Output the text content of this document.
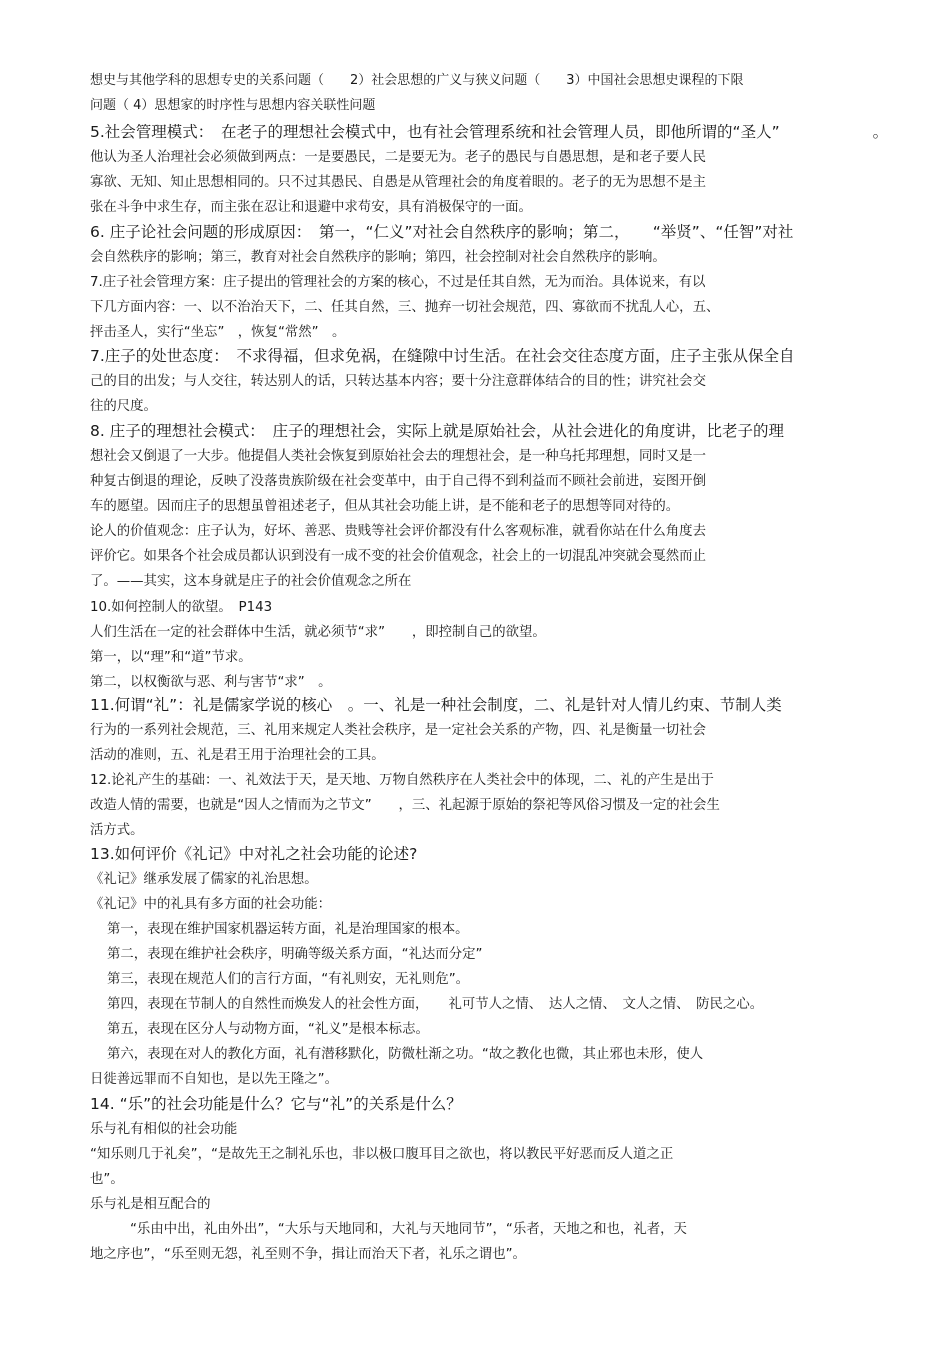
想史与其他学科的思想专史的关系问题（　　2）社会思想的广义与狭义问题（　　3）中国社会思想史课程的下限
问题（ 4）思想家的时序性与思想内容关联性问题
5.社会管理模式：　在老子的理想社会模式中，也有社会管理系统和社会管理人员，即他所谓的“圣人”　　　　　　。
他认为圣人治理社会必须做到两点：一是要愚民，二是要无为。老子的愚民与自愚思想，是和老子要人民
寡欲、无知、知止思想相同的。只不过其愚民、自愚是从管理社会的角度着眼的。老子的无为思想不是主
张在斗争中求生存，而主张在忍让和退避中求苟安，具有消极保守的一面。
6. 庄子论社会问题的形成原因：　第一，“仁义”对社会自然秩序的影响；第二，　　“举贤”、“任智”对社
会自然秩序的影响；第三，教育对社会自然秩序的影响；第四，社会控制对社会自然秩序的影响。
7.庄子社会管理方案：庄子提出的管理社会的方案的核心，不过是任其自然，无为而治。具体说来，有以
下几方面内容：一、以不治治天下，二、任其自然，三、抛弃一切社会规范，四、寡欲而不扰乱人心，五、
抨击圣人，实行“坐忘”　，恢复“常然”　。
7.庄子的处世态度：　不求得福，但求免祸，在缝隙中讨生活。在社会交往态度方面，庄子主张从保全自
己的目的出发；与人交往，转达别人的话，只转达基本内容；要十分注意群体结合的目的性；讲究社会交
往的尺度。
8. 庄子的理想社会模式：　庄子的理想社会，实际上就是原始社会，从社会进化的角度讲，比老子的理
想社会又倒退了一大步。他提倡人类社会恢复到原始社会去的理想社会，是一种乌托邦理想，同时又是一
种复古倒退的理论，反映了没落贵族阶级在社会变革中，由于自己得不到利益而不顾社会前进，妄图开倒
车的愿望。因而庄子的思想虽曾祖述老子，但从其社会功能上讲，是不能和老子的思想等同对待的。
论人的价值观念：庄子认为，好坏、善恶、贵贱等社会评价都没有什么客观标准，就看你站在什么角度去
评价它。如果各个社会成员都认识到没有一成不变的社会价值观念，社会上的一切混乱冲突就会戛然而止
了。——其实，这本身就是庄子的社会价值观念之所在
10.如何控制人的欲望。　P143
人们生活在一定的社会群体中生活，就必须节“求”　　，即控制自己的欲望。
第一，以“理”和“道”节求。
第二，以权衡欲与恶、利与害节“求”　。
11.何谓“礼”：礼是儒家学说的核心　。一、礼是一种社会制度，二、礼是针对人情儿约束、节制人类
行为的一系列社会规范，三、礼用来规定人类社会秩序，是一定社会关系的产物，四、礼是衡量一切社会
活动的准则，五、礼是君王用于治理社会的工具。
12.论礼产生的基础：一、礼效法于天，是天地、万物自然秩序在人类社会中的体现，二、礼的产生是出于
改造人情的需要，也就是“因人之情而为之节文”　　，三、礼起源于原始的祭祀等风俗习惯及一定的社会生
活方式。
13.如何评价《礼记》中对礼之社会功能的论述?
《礼记》继承发展了儒家的礼治思想。
《礼记》中的礼具有多方面的社会功能：
第一，表现在维护国家机器运转方面，礼是治理国家的根本。
第二，表现在维护社会秩序，明确等级关系方面，“礼达而分定”
第三，表现在规范人们的言行方面，“有礼则安，无礼则危”。
第四，表现在节制人的自然性而焕发人的社会性方面，　　礼可节人之情、　达人之情、　文人之情、　防民之心。
第五，表现在区分人与动物方面，“礼义”是根本标志。
第六，表现在对人的教化方面，礼有潜移默化，防微杜渐之功。“故之教化也微，其止邪也未形，使人
日徙善远罪而不自知也，是以先王隆之”。
14. “乐”的社会功能是什么？它与“礼”的关系是什么？
乐与礼有相似的社会功能
“知乐则几于礼矣”，“是故先王之制礼乐也，非以极口腹耳目之欲也，将以教民平好恶而反人道之正
也”。
乐与礼是相互配合的
“乐由中出，礼由外出”，“大乐与天地同和，大礼与天地同节”，“乐者，天地之和也，礼者，天
地之序也”，“乐至则无怨，礼至则不争，揖让而治天下者，礼乐之谓也”。
